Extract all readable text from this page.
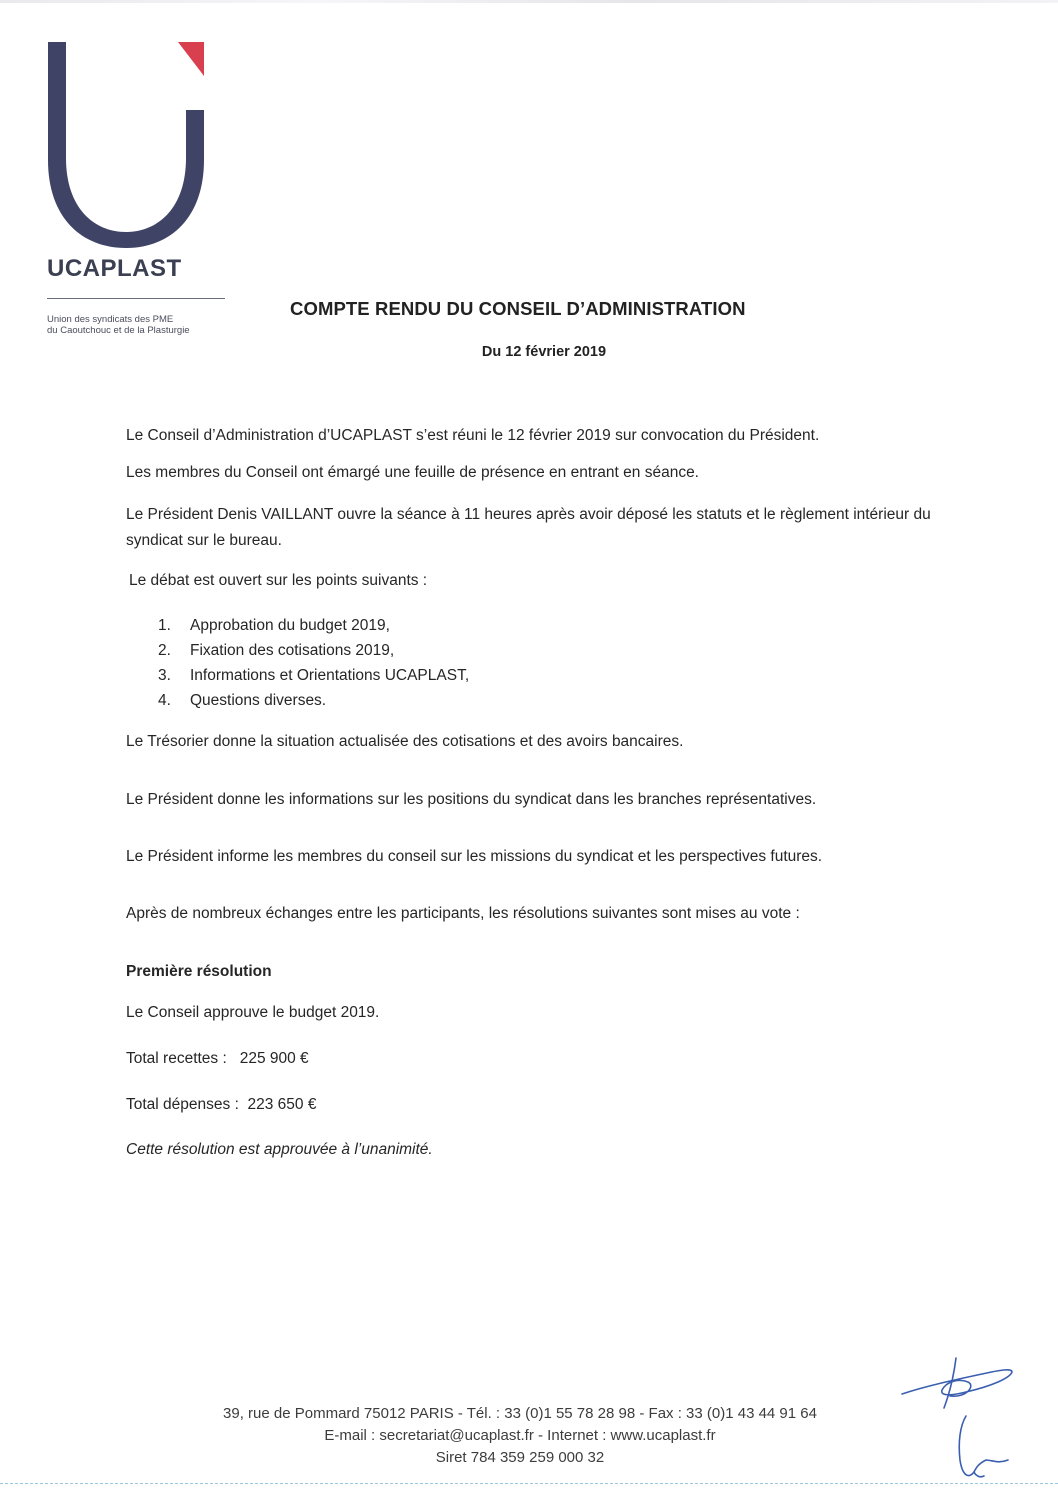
UCAPLAST
Union des syndicats des PME
du Caoutchouc et de la Plasturgie
COMPTE RENDU DU CONSEIL D’ADMINISTRATION
Du 12 février 2019
Le Conseil d’Administration d’UCAPLAST s’est réuni le 12 février 2019 sur convocation du Président.
Les membres du Conseil ont émargé une feuille de présence en entrant en séance.
Le Président Denis VAILLANT ouvre la séance à 11 heures après avoir déposé les statuts et le règlement intérieur du syndicat sur le bureau.
Le débat est ouvert sur les points suivants :
1.	Approbation du budget 2019,
2.	Fixation des cotisations 2019,
3.	Informations et Orientations UCAPLAST,
4.	Questions diverses.
Le Trésorier donne la situation actualisée des cotisations et des avoirs bancaires.
Le Président donne les informations sur les positions du syndicat dans les branches représentatives.
Le Président informe les membres du conseil sur les missions du syndicat et les perspectives futures.
Après de nombreux échanges entre les participants, les résolutions suivantes sont mises au vote :
Première résolution
Le Conseil approuve le budget 2019.
Total recettes : 225 900 €
Total dépenses : 223 650 €
Cette résolution est approuvée à l’unanimité.
39, rue de Pommard 75012 PARIS - Tél. : 33 (0)1 55 78 28 98 - Fax : 33 (0)1 43 44 91 64
E-mail : secretariat@ucaplast.fr - Internet : www.ucaplast.fr
Siret 784 359 259 000 32
